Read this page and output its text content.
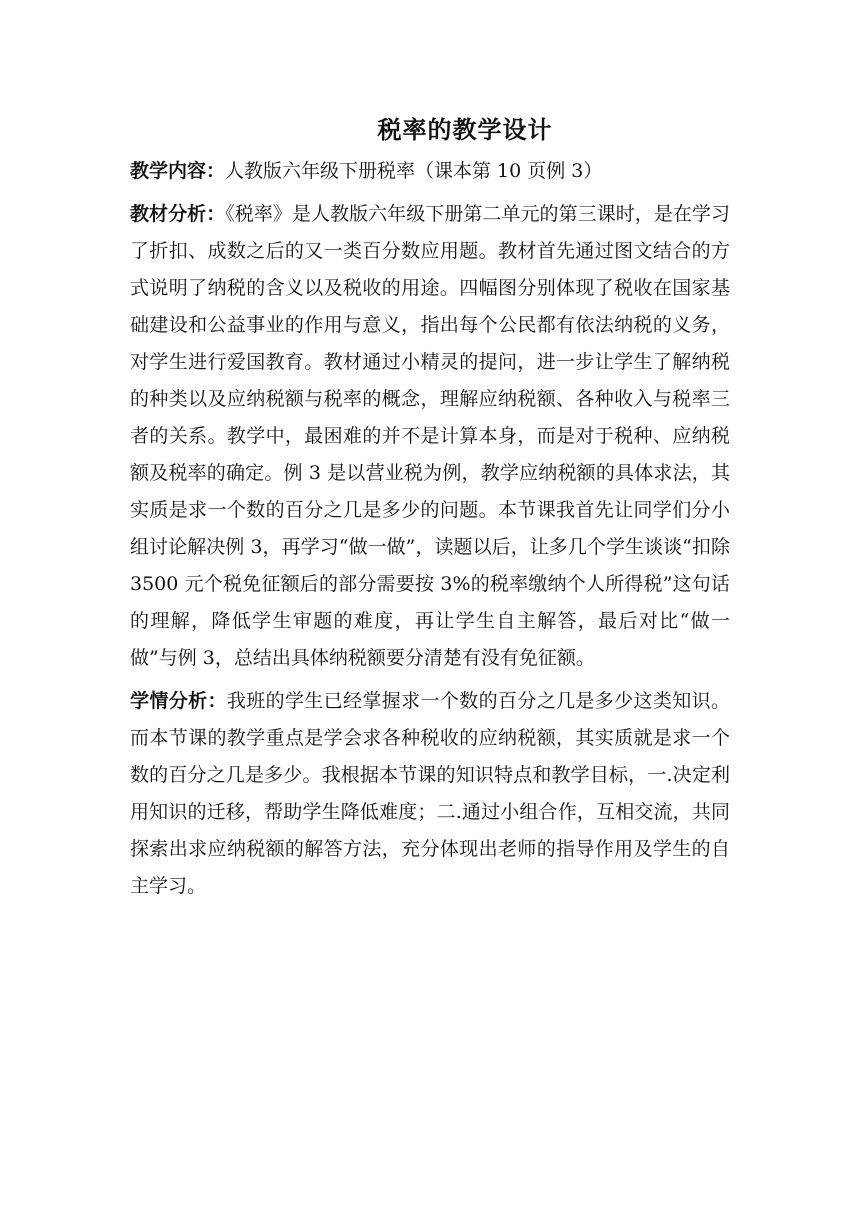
税率的教学设计

教学内容：人教版六年级下册税率（课本第 10 页例 3）

教材分析：《税率》是人教版六年级下册第二单元的第三课时，是在学习了折扣、成数之后的又一类百分数应用题。教材首先通过图文结合的方式说明了纳税的含义以及税收的用途。四幅图分别体现了税收在国家基础建设和公益事业的作用与意义，指出每个公民都有依法纳税的义务，对学生进行爱国教育。教材通过小精灵的提问，进一步让学生了解纳税的种类以及应纳税额与税率的概念，理解应纳税额、各种收入与税率三者的关系。教学中，最困难的并不是计算本身，而是对于税种、应纳税额及税率的确定。例 3 是以营业税为例，教学应纳税额的具体求法，其实质是求一个数的百分之几是多少的问题。本节课我首先让同学们分小组讨论解决例 3，再学习“做一做”，读题以后，让多几个学生谈谈“扣除 3500 元个税免征额后的部分需要按 3%的税率缴纳个人所得税”这句话的理解，降低学生审题的难度，再让学生自主解答，最后对比“做一做”与例 3，总结出具体纳税额要分清楚有没有免征额。

学情分析：我班的学生已经掌握求一个数的百分之几是多少这类知识。而本节课的教学重点是学会求各种税收的应纳税额，其实质就是求一个数的百分之几是多少。我根据本节课的知识特点和教学目标，一.决定利用知识的迁移，帮助学生降低难度；二.通过小组合作，互相交流，共同探索出求应纳税额的解答方法，充分体现出老师的指导作用及学生的自主学习。
